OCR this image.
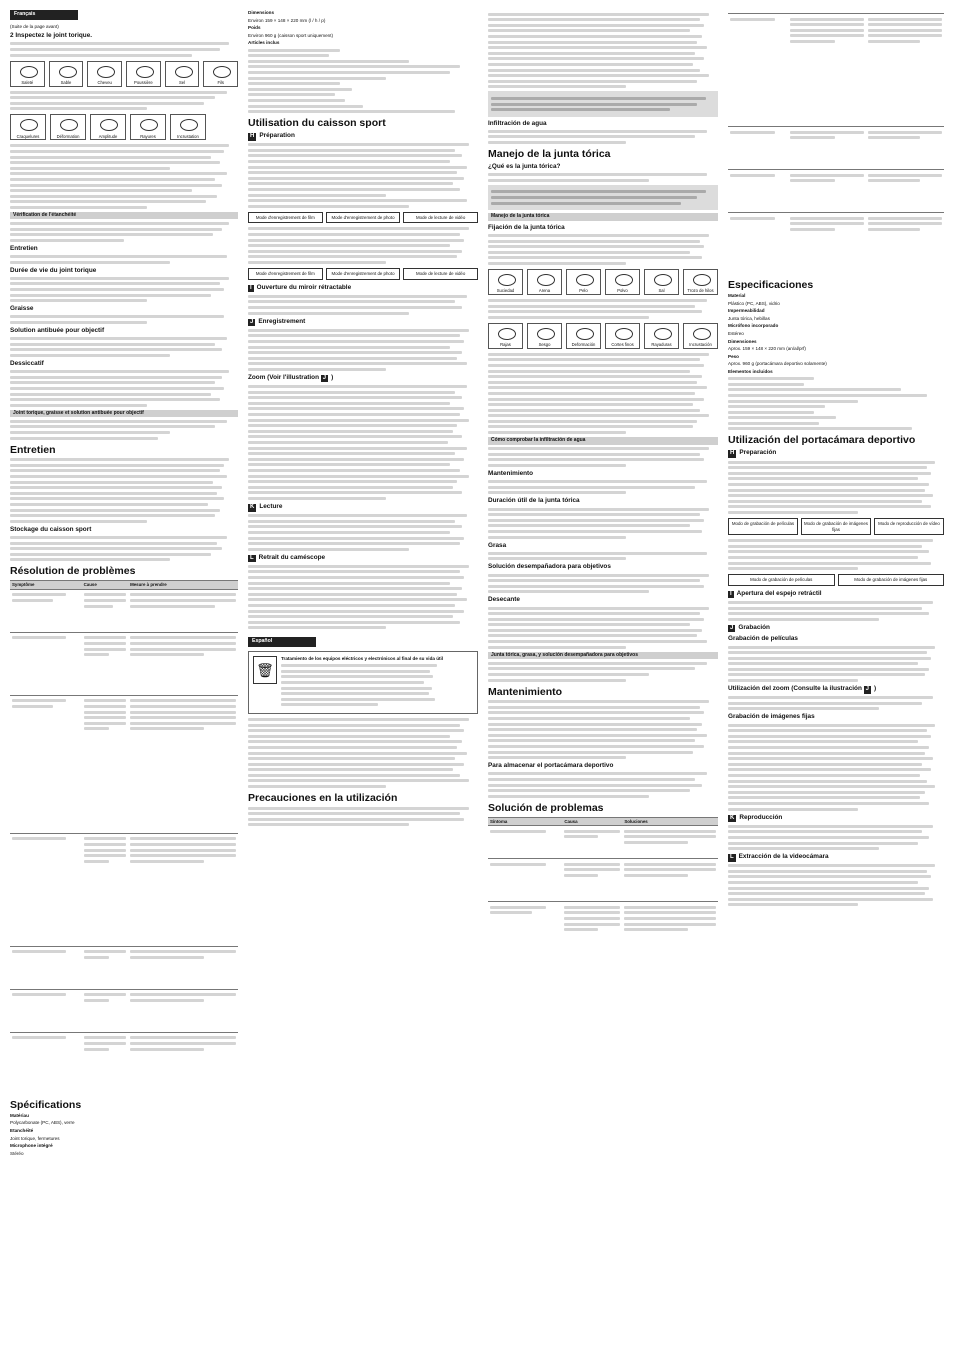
Français

(Suite de la page avant)

2 Inspectez le joint torique.
Saleté	Sable	Cheveu	Poussière	Sel	Fils
Craquelures	Déformation	Amplitude	Rayures	Incrustation
Vérification de l'étanchéité
Entretien
Durée de vie du joint torique
Graisse
Solution antibuée pour objectif
Dessiccatif
Joint torique, graisse et solution antibuée pour objectif
Entretien
Stockage du caisson sport
Résolution de problèmes
Symptôme	Cause	Mesure à prendre

Spécifications

Matériau

Polycarbonate (PC, ABS), verre

Etanchéité

Joint torique, fermetures

Microphone intégré

Stéréo

Dimensions

Environ 159 × 148 × 220 mm (l / h / p)

Poids

Environ 960 g (caisson sport uniquement)

Articles inclus

Utilisation du caisson sport
H Préparation
Mode d'enregistrement de film	Mode d'enregistrement de photo	Mode de lecture de vidéo
Mode d'enregistrement de film	Mode d'enregistrement de photo	Mode de lecture de vidéo
I Ouverture du miroir rétractable
J Enregistrement
Zoom (Voir l'illustration J )
K Lecture
L Retrait du caméscope
Español
🗑
Tratamiento de los equipos eléctricos y electrónicos al final de su vida útil
Precauciones en la utilización
Infiltración de agua
Manejo de la junta tórica
¿Qué es la junta tórica?
Manejo de la junta tórica
Fijación de la junta tórica
Suciedad	Arena	Pelo	Polvo	Sal	Trozo de hilos
Rajas	Sesgo	Deformación	Cortes finos	Rayaduras	Incrustación
Cómo comprobar la infiltración de agua
Mantenimiento
Duración útil de la junta tórica
Grasa
Solución desempañadora para objetivos
Desecante
Junta tórica, grasa, y solución desempañadora para objetivos
Mantenimiento
Para almacenar el portacámara deportivo
Solución de problemas
Síntoma	Causa	Soluciones

Especificaciones

Material

Plástico (PC, ABS), vidrio

Impermeabilidad

Junta tórica, hebillas

Micrófono incorporado

Estéreo

Dimensiones

Aprox. 159 × 148 × 220 mm (an/al/prf)

Peso

Aprox. 960 g (portacámara deportivo solamente)

Elementos incluidos

Utilización del portacámara deportivo
H Preparación
Modo de grabación de películas	Modo de grabación de imágenes fijas
Modo de reproducción de vídeo
Modo de grabación de películas	Modo de grabación de imágenes fijas
I Apertura del espejo retráctil
J Grabación
Grabación de películas
Utilización del zoom (Consulte la ilustración J )
Grabación de imágenes fijas
K Reproducción
L Extracción de la videocámara
